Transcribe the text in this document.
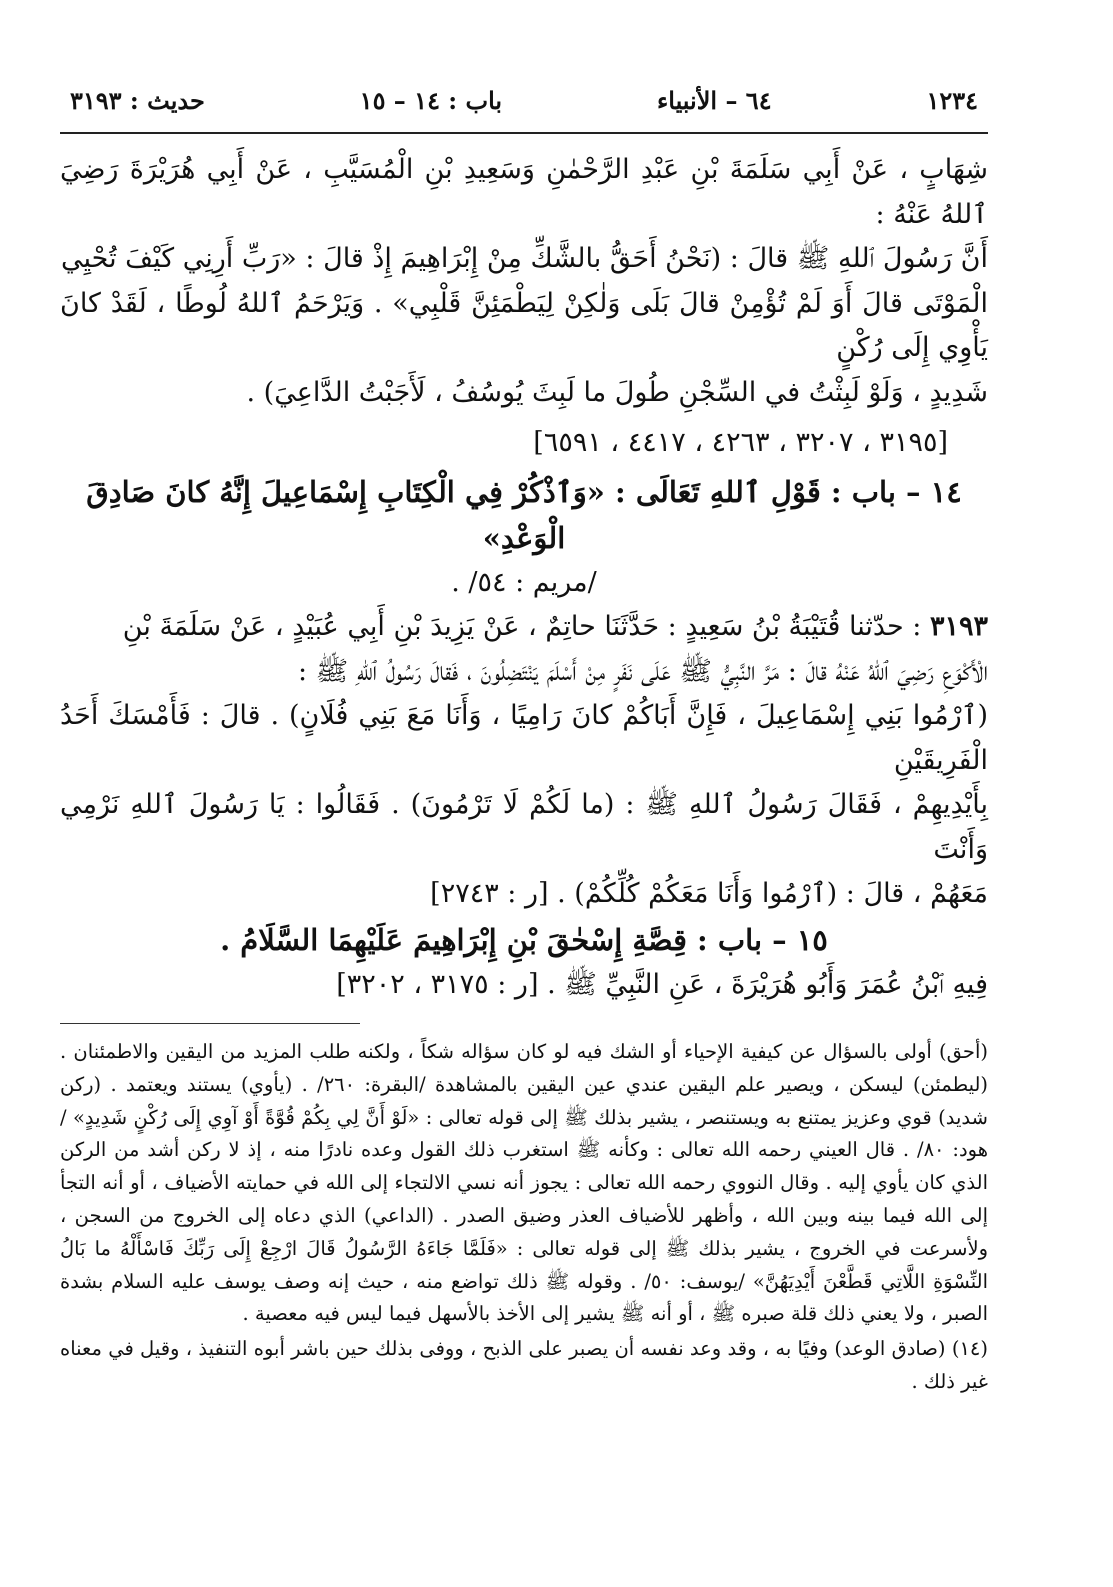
١٢٣٤
٦٤ – الأنبياء
باب : ١٤ – ١٥
حديث : ٣١٩٣

شِهَابٍ ، عَنْ أَبِي سَلَمَةَ بْنِ عَبْدِ الرَّحْمٰنِ وَسَعِيدِ بْنِ الْمُسَيَّبِ ، عَنْ أَبِي هُرَيْرَةَ رَضِيَ ٱللهُ عَنْهُ :

أَنَّ رَسُولَ ٱللهِ ﷺ قالَ : (نَحْنُ أَحَقُّ بالشَّكِّ مِنْ إِبْرَاهِيمَ إِذْ قالَ : «رَبِّ أَرِنِي كَيْفَ تُحْيِي

الْمَوْتَى قالَ أَوَ لَمْ تُؤْمِنْ قالَ بَلَى وَلٰكِنْ لِيَطْمَئِنَّ قَلْبِي» . وَيَرْحَمُ ٱللهُ لُوطًا ، لَقَدْ كانَ يَأْوِي إِلَى رُكْنٍ

شَدِيدٍ ، وَلَوْ لَبِثْتُ في السِّجْنِ طُولَ ما لَبِثَ يُوسُفُ ، لَأَجَبْتُ الدَّاعِيَ) .

[٣١٩٥ ، ٣٢٠٧ ، ٤٢٦٣ ، ٤٤١٧ ، ٦٥٩١]
١٤ – باب : قَوْلِ ٱللهِ تَعَالَى : «وَٱذْكُرْ فِي الْكِتَابِ إِسْمَاعِيلَ إِنَّهُ كانَ صَادِقَ الْوَعْدِ»
/مريم : ٥٤/ .

٣١٩٣ : حدّثنا قُتَيْبَةُ بْنُ سَعِيدٍ : حَدَّثَنَا حاتِمٌ ، عَنْ يَزِيدَ بْنِ أَبِي عُبَيْدٍ ، عَنْ سَلَمَةَ بْنِ

الْأَكْوَعِ رَضِيَ ٱللهُ عَنْهُ قالَ : مَرَّ النَّبِيُّ ﷺ عَلَى نَفَرٍ مِنْ أَسْلَمَ يَنْتَضِلُونَ ، فَقالَ رَسُولُ ٱللهِ ﷺ :

(ٱرْمُوا بَنِي إِسْمَاعِيلَ ، فَإِنَّ أَبَاكُمْ كانَ رَامِيًا ، وَأَنَا مَعَ بَنِي فُلَانٍ) . قالَ : فَأَمْسَكَ أَحَدُ الْفَرِيقَيْنِ

بِأَيْدِيهِمْ ، فَقَالَ رَسُولُ ٱللهِ ﷺ : (ما لَكُمْ لَا تَرْمُونَ) . فَقَالُوا : يَا رَسُولَ ٱللهِ نَرْمِي وَأَنْتَ

مَعَهُمْ ، قالَ : (ٱرْمُوا وَأَنَا مَعَكُمْ كُلِّكُمْ) . [ر : ٢٧٤٣]

١٥ – باب : قِصَّةِ إِسْحٰقَ بْنِ إِبْرَاهِيمَ عَلَيْهِمَا السَّلَامُ .

فِيهِ ٱبْنُ عُمَرَ وَأَبُو هُرَيْرَةَ ، عَنِ النَّبِيِّ ﷺ . [ر : ٣١٧٥ ، ٣٢٠٢]

(أحق) أولى بالسؤال عن كيفية الإحياء أو الشك فيه لو كان سؤاله شكاً ، ولكنه طلب المزيد من اليقين والاطمئنان . (ليطمئن) ليسكن ، ويصير علم اليقين عندي عين اليقين بالمشاهدة /البقرة: ٢٦٠/ . (يأوي) يستند ويعتمد . (ركن شديد) قوي وعزيز يمتنع به ويستنصر ، يشير بذلك ﷺ إلى قوله تعالى : «لَوْ أَنَّ لِي بِكُمْ قُوَّةً أَوْ آوِي إِلَى رُكْنٍ شَدِيدٍ» /هود: ٨٠/ . قال العيني رحمه الله تعالى : وكأنه ﷺ استغرب ذلك القول وعده نادرًا منه ، إذ لا ركن أشد من الركن الذي كان يأوي إليه . وقال النووي رحمه الله تعالى : يجوز أنه نسي الالتجاء إلى الله في حمايته الأضياف ، أو أنه التجأ إلى الله فيما بينه وبين الله ، وأظهر للأضياف العذر وضيق الصدر . (الداعي) الذي دعاه إلى الخروج من السجن ، ولأسرعت في الخروج ، يشير بذلك ﷺ إلى قوله تعالى : «فَلَمَّا جَاءَهُ الرَّسُولُ قَالَ ارْجِعْ إِلَى رَبِّكَ فَاسْأَلْهُ ما بَالُ النِّسْوَةِ اللَّاتِي قَطَّعْنَ أَيْدِيَهُنَّ» /يوسف: ٥٠/ . وقوله ﷺ ذلك تواضع منه ، حيث إنه وصف يوسف عليه السلام بشدة الصبر ، ولا يعني ذلك قلة صبره ﷺ ، أو أنه ﷺ يشير إلى الأخذ بالأسهل فيما ليس فيه معصية .

(١٤) (صادق الوعد) وفيًا به ، وقد وعد نفسه أن يصبر على الذبح ، ووفى بذلك حين باشر أبوه التنفيذ ، وقيل في معناه غير ذلك .
